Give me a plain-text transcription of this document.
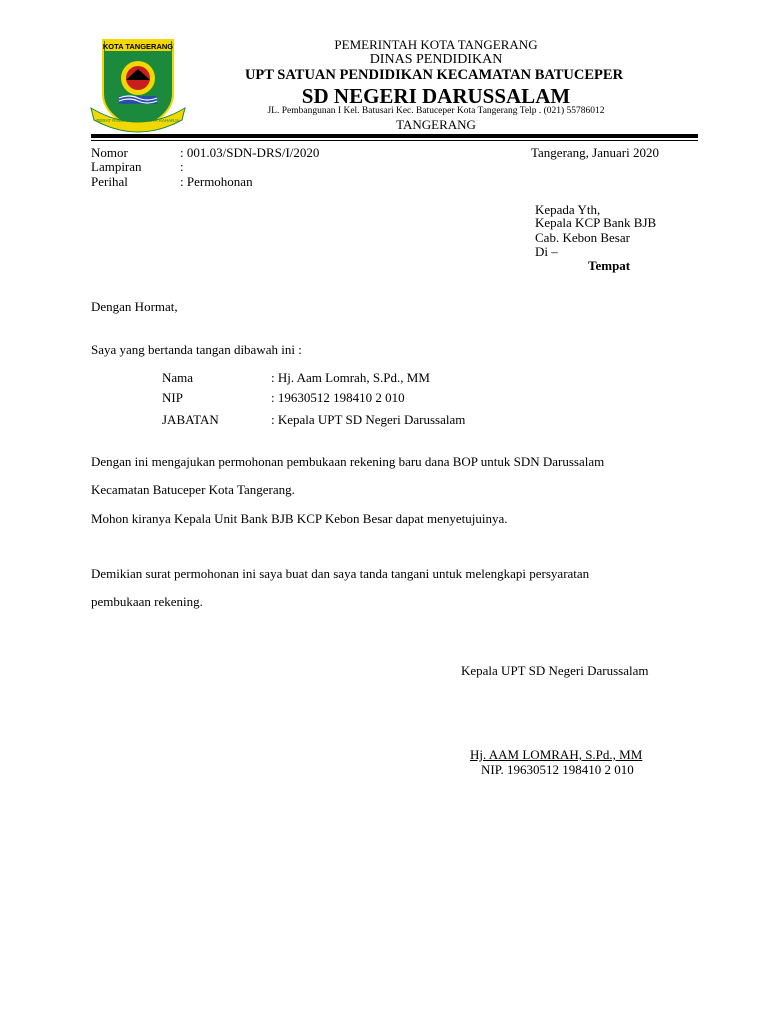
KOTA TANGERANG
BERAT RINGAN ADHI KARYA RAHARJA
PEMERINTAH KOTA TANGERANG
DINAS PENDIDIKAN
UPT SATUAN PENDIDIKAN KECAMATAN BATUCEPER
SD NEGERI DARUSSALAM
JL. Pembangunan I Kel. Batusari Kec. Batuceper Kota Tangerang Telp . (021) 55786012
TANGERANG
Nomor	: 001.03/SDN-DRS/I/2020
Lampiran	:
Perihal	: Permohonan
Tangerang, Januari 2020
Kepada Yth,
Kepala KCP Bank BJB
Cab. Kebon Besar
Di –
Tempat
Dengan Hormat,
Saya yang bertanda tangan dibawah ini :
Nama	: Hj. Aam Lomrah, S.Pd., MM
NIP	: 19630512 198410 2 010
JABATAN	: Kepala UPT SD Negeri Darussalam
Dengan ini mengajukan permohonan pembukaan rekening baru dana BOP untuk SDN Darussalam
Kecamatan Batuceper Kota Tangerang.
Mohon kiranya Kepala Unit Bank BJB KCP Kebon Besar dapat menyetujuinya.
Demikian surat permohonan ini saya buat dan saya tanda tangani untuk melengkapi persyaratan
pembukaan rekening.
Kepala UPT SD Negeri Darussalam
Hj. AAM LOMRAH, S.Pd., MM
NIP. 19630512 198410 2 010
